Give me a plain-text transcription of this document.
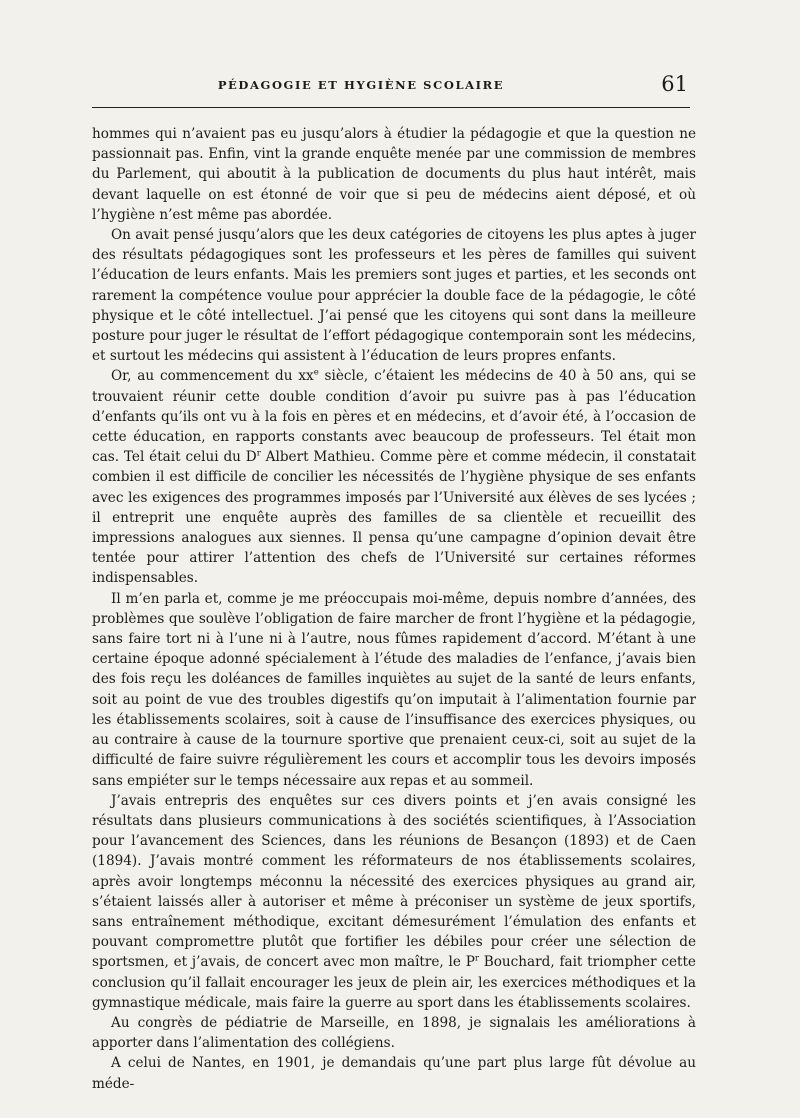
PÉDAGOGIE ET HYGIÈNE SCOLAIRE	61

hommes qui n’avaient pas eu jusqu’alors à étudier la pédagogie et que la question ne passionnait pas. Enfin, vint la grande enquête menée par une commission de membres du Parlement, qui aboutit à la publication de documents du plus haut intérêt, mais devant laquelle on est étonné de voir que si peu de médecins aient déposé, et où l’hygiène n’est même pas abordée.

On avait pensé jusqu’alors que les deux catégories de citoyens les plus aptes à juger des résultats pédagogiques sont les professeurs et les pères de familles qui suivent l’éducation de leurs enfants. Mais les premiers sont juges et parties, et les seconds ont rarement la compétence voulue pour apprécier la double face de la pédagogie, le côté physique et le côté intellectuel. J’ai pensé que les citoyens qui sont dans la meilleure posture pour juger le résultat de l’effort pédagogique contemporain sont les médecins, et surtout les médecins qui assistent à l’éducation de leurs propres enfants.

Or, au commencement du $xx^e$ siècle, c’étaient les médecins de 40 à 50 ans, qui se trouvaient réunir cette double condition d’avoir pu suivre pas à pas l’éducation d’enfants qu’ils ont vu à la fois en pères et en médecins, et d’avoir été, à l’occasion de cette éducation, en rapports constants avec beaucoup de professeurs. Tel était mon cas. Tel était celui du $D^r$ Albert Mathieu. Comme père et comme médecin, il constatait combien il est difficile de concilier les nécessités de l’hygiène physique de ses enfants avec les exigences des programmes imposés par l’Université aux élèves de ses lycées ; il entreprit une enquête auprès des familles de sa clientèle et recueillit des impressions analogues aux siennes. Il pensa qu’une campagne d’opinion devait être tentée pour attirer l’attention des chefs de l’Université sur certaines réformes indispensables.

Il m’en parla et, comme je me préoccupais moi-même, depuis nombre d’années, des problèmes que soulève l’obligation de faire marcher de front l’hygiène et la pédagogie, sans faire tort ni à l’une ni à l’autre, nous fûmes rapidement d’accord. M’étant à une certaine époque adonné spécialement à l’étude des maladies de l’enfance, j’avais bien des fois reçu les doléances de familles inquiètes au sujet de la santé de leurs enfants, soit au point de vue des troubles digestifs qu’on imputait à l’alimentation fournie par les établissements scolaires, soit à cause de l’insuffisance des exercices physiques, ou au contraire à cause de la tournure sportive que prenaient ceux-ci, soit au sujet de la difficulté de faire suivre régulièrement les cours et accomplir tous les devoirs imposés sans empiéter sur le temps nécessaire aux repas et au sommeil.

J’avais entrepris des enquêtes sur ces divers points et j’en avais consigné les résultats dans plusieurs communications à des sociétés scientifiques, à l’Association pour l’avancement des Sciences, dans les réunions de Besançon (1893) et de Caen (1894). J’avais montré comment les réformateurs de nos établissements scolaires, après avoir longtemps méconnu la nécessité des exercices physiques au grand air, s’étaient laissés aller à autoriser et même à préconiser un système de jeux sportifs, sans entraînement méthodique, excitant démesurément l’émulation des enfants et pouvant compromettre plutôt que fortifier les débiles pour créer une sélection de sportsmen, et j’avais, de concert avec mon maître, le $P^r$ Bouchard, fait triompher cette conclusion qu’il fallait encourager les jeux de plein air, les exercices méthodiques et la gymnastique médicale, mais faire la guerre au sport dans les établissements scolaires.

Au congrès de pédiatrie de Marseille, en 1898, je signalais les améliorations à apporter dans l’alimentation des collégiens.

A celui de Nantes, en 1901, je demandais qu’une part plus large fût dévolue au méde-
